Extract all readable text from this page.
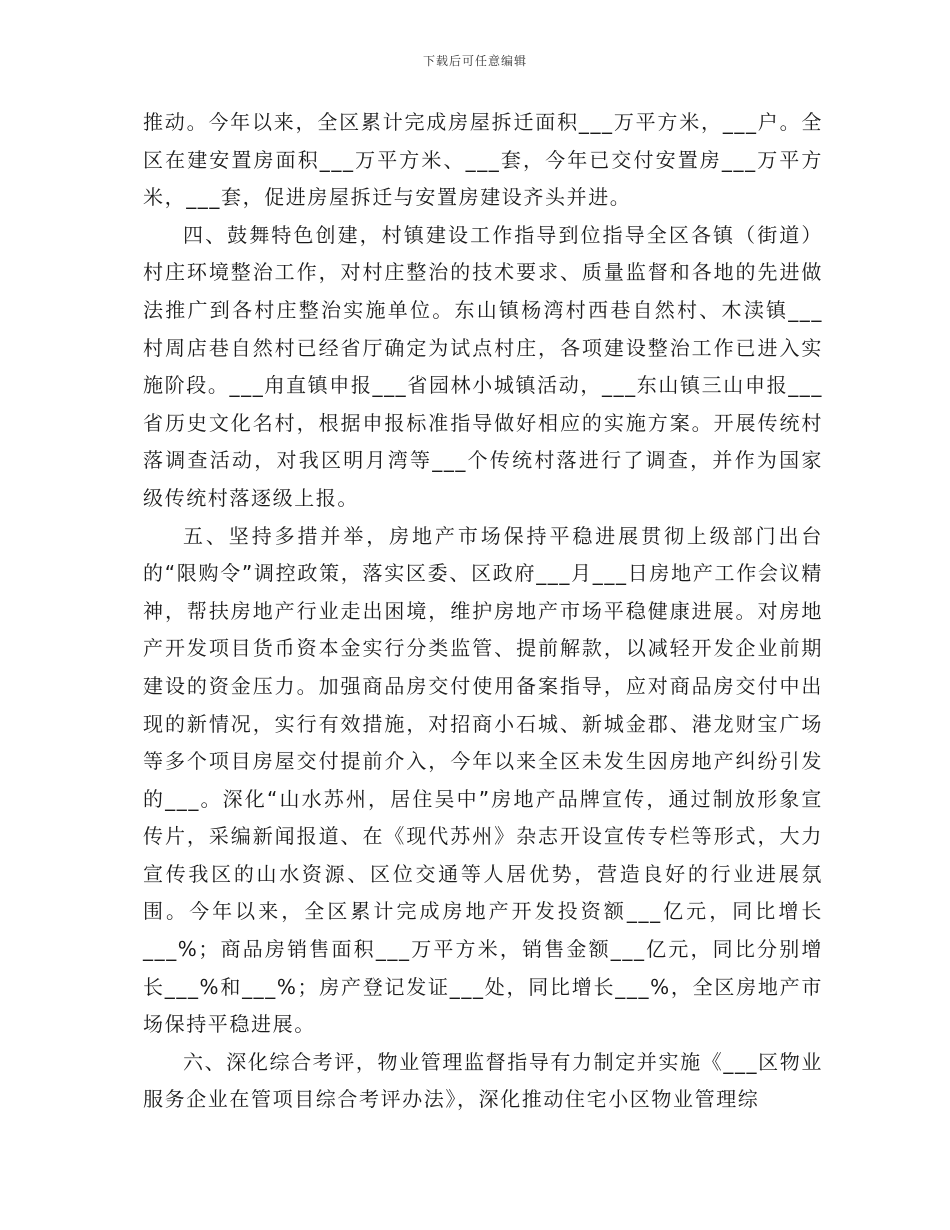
下载后可任意编辑

推动。今年以来，全区累计完成房屋拆迁面积___万平方米，___户。全区在建安置房面积___万平方米、___套，今年已交付安置房___万平方米，___套，促进房屋拆迁与安置房建设齐头并进。

四、鼓舞特色创建，村镇建设工作指导到位指导全区各镇（街道）村庄环境整治工作，对村庄整治的技术要求、质量监督和各地的先进做法推广到各村庄整治实施单位。东山镇杨湾村西巷自然村、木渎镇___村周店巷自然村已经省厅确定为试点村庄，各项建设整治工作已进入实施阶段。___甪直镇申报___省园林小城镇活动，___东山镇三山申报___省历史文化名村，根据申报标准指导做好相应的实施方案。开展传统村落调查活动，对我区明月湾等___个传统村落进行了调查，并作为国家级传统村落逐级上报。

五、坚持多措并举，房地产市场保持平稳进展贯彻上级部门出台的“限购令”调控政策，落实区委、区政府___月___日房地产工作会议精神，帮扶房地产行业走出困境，维护房地产市场平稳健康进展。对房地产开发项目货币资本金实行分类监管、提前解款，以减轻开发企业前期建设的资金压力。加强商品房交付使用备案指导，应对商品房交付中出现的新情况，实行有效措施，对招商小石城、新城金郡、港龙财宝广场等多个项目房屋交付提前介入，今年以来全区未发生因房地产纠纷引发的___。深化“山水苏州，居住吴中”房地产品牌宣传，通过制放形象宣传片，采编新闻报道、在《现代苏州》杂志开设宣传专栏等形式，大力宣传我区的山水资源、区位交通等人居优势，营造良好的行业进展氛围。今年以来，全区累计完成房地产开发投资额___亿元，同比增长___%；商品房销售面积___万平方米，销售金额___亿元，同比分别增长___%和___%；房产登记发证___处，同比增长___%，全区房地产市场保持平稳进展。

六、深化综合考评，物业管理监督指导有力制定并实施《___区物业服务企业在管项目综合考评办法》，深化推动住宅小区物业管理综
